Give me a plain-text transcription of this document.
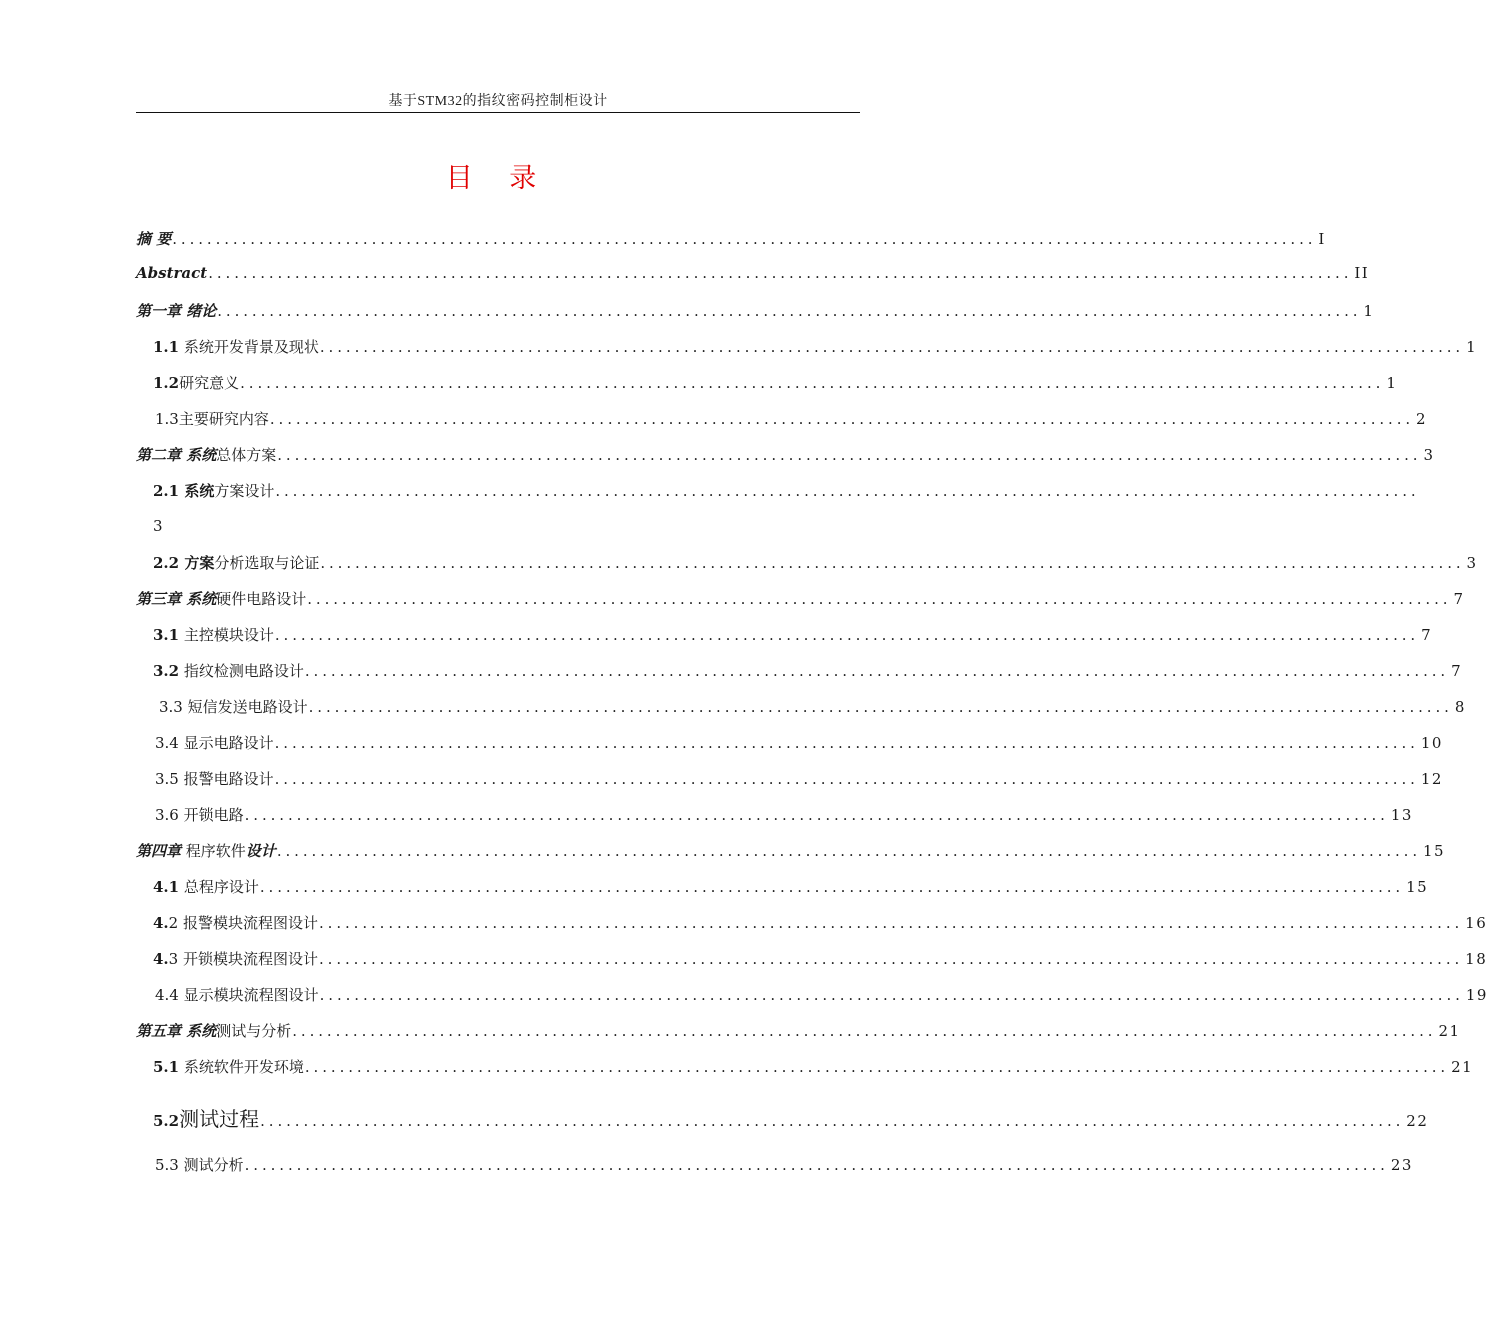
基于STM32的指纹密码控制柜设计
目 录
摘 要 .................................................................................................................................... I
Abstract .................................................................................................................................... II
第一章 绪论 .................................................................................................................................... 1
1.1 系统开发背景及现状 .................................................................................................................................... 1
1.2研究意义 .................................................................................................................................... 1
1.3主要研究内容 .................................................................................................................................... 2
第二章 系统总体方案 .................................................................................................................................... 3
2.1 系统方案设计 ....................................................................................................................................
3
2.2 方案分析选取与论证 .................................................................................................................................... 3
第三章 系统硬件电路设计 .................................................................................................................................... 7
3.1 主控模块设计 .................................................................................................................................... 7
3.2 指纹检测电路设计 .................................................................................................................................... 7
3.3 短信发送电路设计 .................................................................................................................................... 8
3.4 显示电路设计 .................................................................................................................................... 10
3.5 报警电路设计 .................................................................................................................................... 12
3.6 开锁电路 .................................................................................................................................... 13
第四章 程序软件设计 .................................................................................................................................... 15
4.1 总程序设计 .................................................................................................................................... 15
4.2 报警模块流程图设计 .................................................................................................................................... 16
4.3 开锁模块流程图设计 .................................................................................................................................... 18
4.4 显示模块流程图设计 .................................................................................................................................... 19
第五章 系统测试与分析 .................................................................................................................................... 21
5.1 系统软件开发环境 .................................................................................................................................... 21
5.2测试过程 .................................................................................................................................... 22
5.3 测试分析 .................................................................................................................................... 23
